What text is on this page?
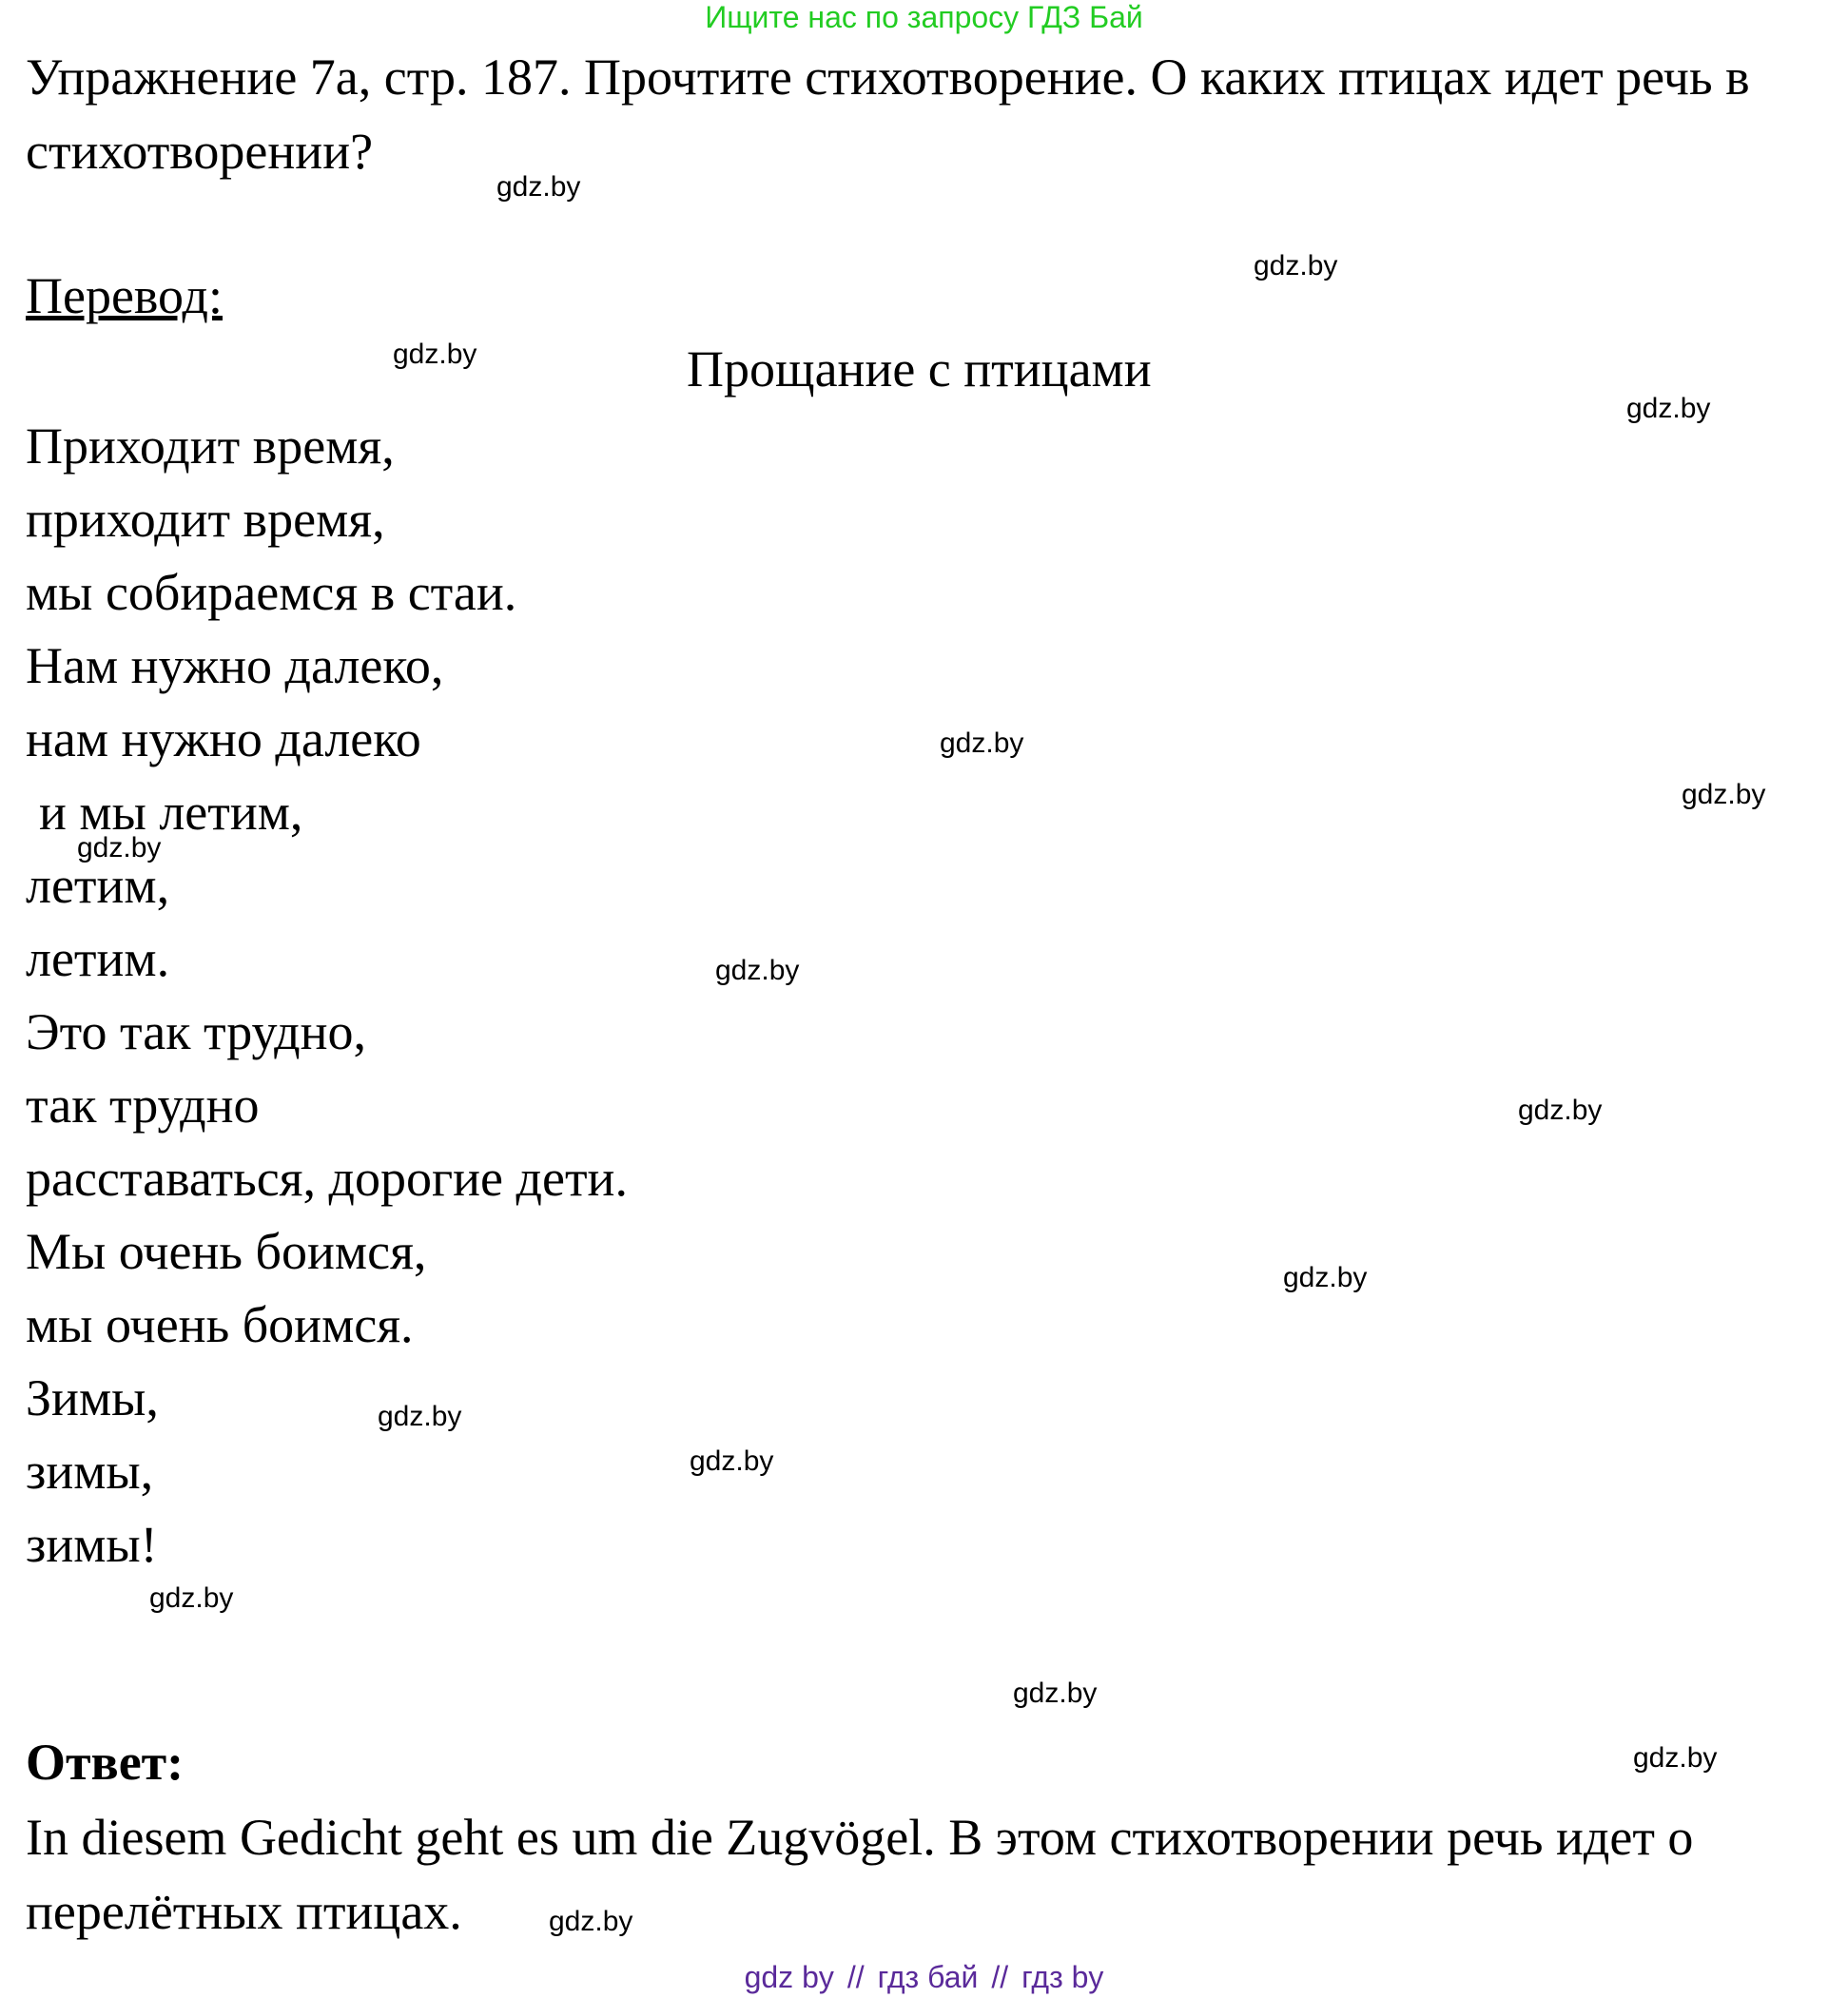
Ищите нас по запросу ГДЗ Бай
Упражнение 7а, стр. 187. Прочтите стихотворение. О каких птицах идет речь в стихотворении?
Перевод:
Прощание с птицами
Приходит время,
приходит время,
мы собираемся в стаи.
Нам нужно далеко,
нам нужно далеко
и мы летим,
летим,
летим.
Это так трудно,
так трудно
расставаться, дорогие дети.
Мы очень боимся,
мы очень боимся.
Зимы,
зимы,
зимы!
Ответ:
In diesem Gedicht geht es um die Zugvögel. В этом стихотворении речь идет о перелётных птицах.
gdz.by
gdz.by
gdz.by
gdz.by
gdz.by
gdz.by
gdz.by
gdz.by
gdz.by
gdz.by
gdz.by
gdz.by
gdz.by
gdz.by
gdz.by
gdz.by
gdz by // гдз бай // гдз by
